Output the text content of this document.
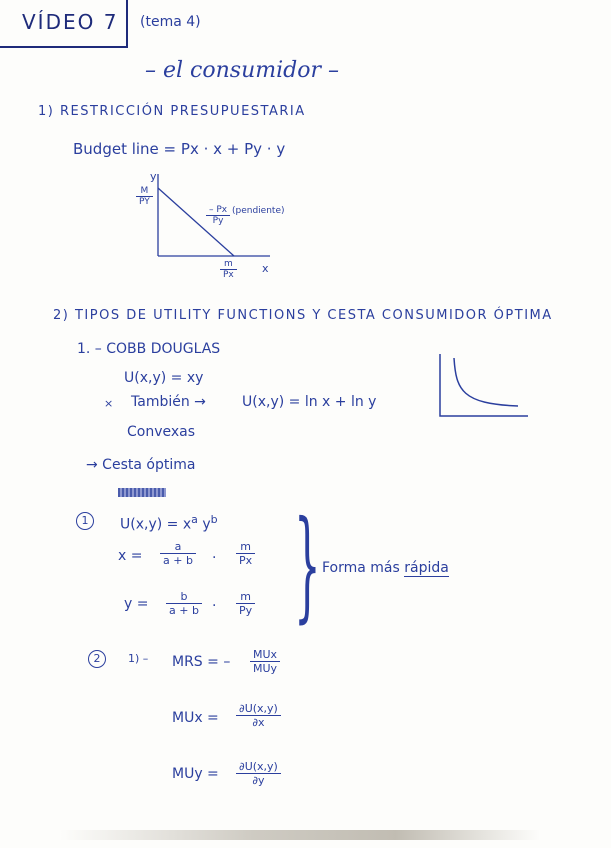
VÍDEO 7 (tema 4)
– el consumidor –
1) RESTRICCIÓN PRESUPUESTARIA
Budget line = Px · x + Py · y
y
$\frac{M}{PY}$
$\frac{- Px}{Py}$ (pendiente)
$\frac{m}{Px}$ x
2) TIPOS DE UTILITY FUNCTIONS Y CESTA CONSUMIDOR ÓPTIMA
1. – COBB DOUGLAS
U(x,y) = xy
× También →	U(x,y) = ln x + ln y
Convexas
→ Cesta óptima
1	$U(x,y) = x^a$ $y^b$
$x = \frac{a}{a + b} \cdot \frac{m}{Px}$
$y = \frac{b}{a + b} \cdot \frac{m}{Py}$ } Forma más rápida
2	1) – MRS = – MUx
MUy
MUx = $\frac{\partial U(x,y)}{\partial x}$
MUy = $\frac{\partial U(x,y)}{\partial y}$
